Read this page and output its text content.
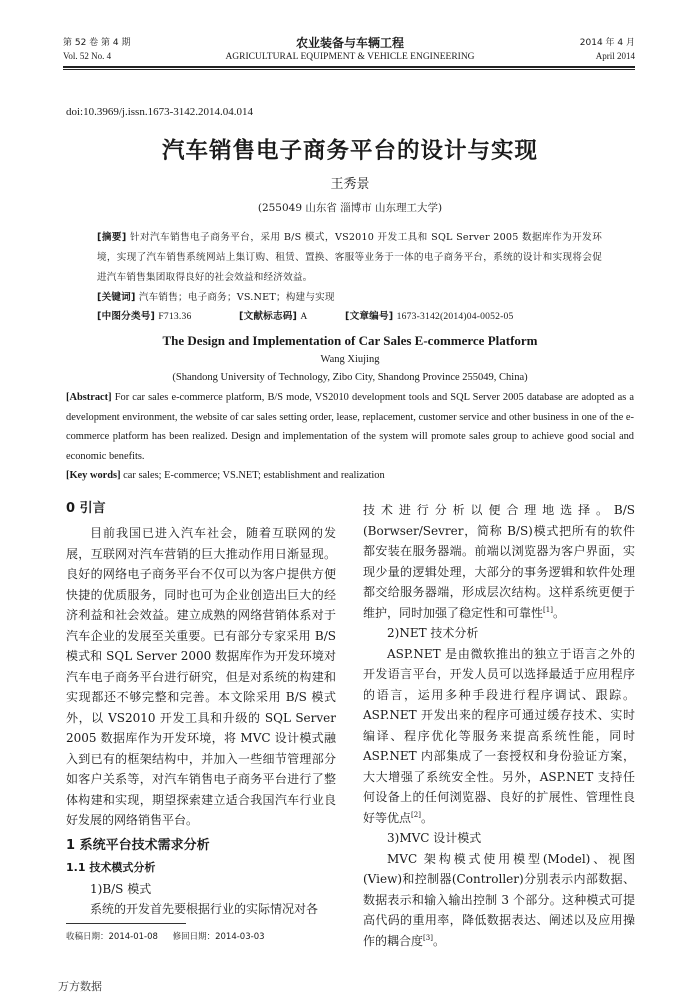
第 52 卷 第 4 期
Vol. 52 No. 4
农业装备与车辆工程
AGRICULTURAL EQUIPMENT & VEHICLE ENGINEERING
2014 年 4 月
April 2014
doi:10.3969/j.issn.1673-3142.2014.04.014
汽车销售电子商务平台的设计与实现
王秀景
(255049 山东省 淄博市 山东理工大学)
[摘要] 针对汽车销售电子商务平台，采用 B/S 模式，VS2010 开发工具和 SQL Server 2005 数据库作为开发环境，实现了汽车销售系统网站上集订购、租赁、置换、客服等业务于一体的电子商务平台，系统的设计和实现将会促进汽车销售集团取得良好的社会效益和经济效益。
[关键词] 汽车销售；电子商务；VS.NET；构建与实现
[中图分类号] F713.36	[文献标志码] A	[文章编号] 1673-3142(2014)04-0052-05
The Design and Implementation of Car Sales E-commerce Platform
Wang Xiujing
(Shandong University of Technology, Zibo City, Shandong Province 255049, China)
[Abstract] For car sales e-commerce platform, B/S mode, VS2010 development tools and SQL Server 2005 database are adopted as a development environment, the website of car sales setting order, lease, replacement, customer service and other business in one of the e-commerce platform has been realized. Design and implementation of the system will promote sales group to achieve good social and economic benefits.
[Key words] car sales; E-commerce; VS.NET; establishment and realization
0 引言

目前我国已进入汽车社会，随着互联网的发展，互联网对汽车营销的巨大推动作用日渐显现。良好的网络电子商务平台不仅可以为客户提供方便快捷的优质服务，同时也可为企业创造出巨大的经济利益和社会效益。建立成熟的网络营销体系对于汽车企业的发展至关重要。已有部分专家采用 B/S 模式和 SQL Server 2000 数据库作为开发环境对汽车电子商务平台进行研究，但是对系统的构建和实现都还不够完整和完善。本文除采用 B/S 模式外，以 VS2010 开发工具和升级的 SQL Server 2005 数据库作为开发环境，将 MVC 设计模式融入到已有的框架结构中，并加入一些细节管理部分如客户关系等，对汽车销售电子商务平台进行了整体构建和实现，期望探索建立适合我国汽车行业良好发展的网络销售平台。

1 系统平台技术需求分析
1.1 技术模式分析

1)B/S 模式

系统的开发首先要根据行业的实际情况对各

技术进行分析以便合理地选择。B/S (Borwser/Sevrer，简称 B/S)模式把所有的软件都安装在服务器端。前端以浏览器为客户界面，实现少量的逻辑处理，大部分的事务逻辑和软件处理都交给服务器端，形成层次结构。这样系统更便于维护，同时加强了稳定性和可靠性[1]。

2)NET 技术分析

ASP.NET 是由微软推出的独立于语言之外的开发语言平台，开发人员可以选择最适于应用程序的语言，运用多种手段进行程序调试、跟踪。ASP.NET 开发出来的程序可通过缓存技术、实时编译、程序优化等服务来提高系统性能，同时 ASP.NET 内部集成了一套授权和身份验证方案，大大增强了系统安全性。另外，ASP.NET 支持任何设备上的任何浏览器、良好的扩展性、管理性良好等优点[2]。

3)MVC 设计模式

MVC 架构模式使用模型(Model)、视图(View)和控制器(Controller)分别表示内部数据、数据表示和输入输出控制 3 个部分。这种模式可提高代码的重用率，降低数据表达、阐述以及应用操作的耦合度[3]。

收稿日期：2014-01-08 修回日期：2014-03-03
万方数据
